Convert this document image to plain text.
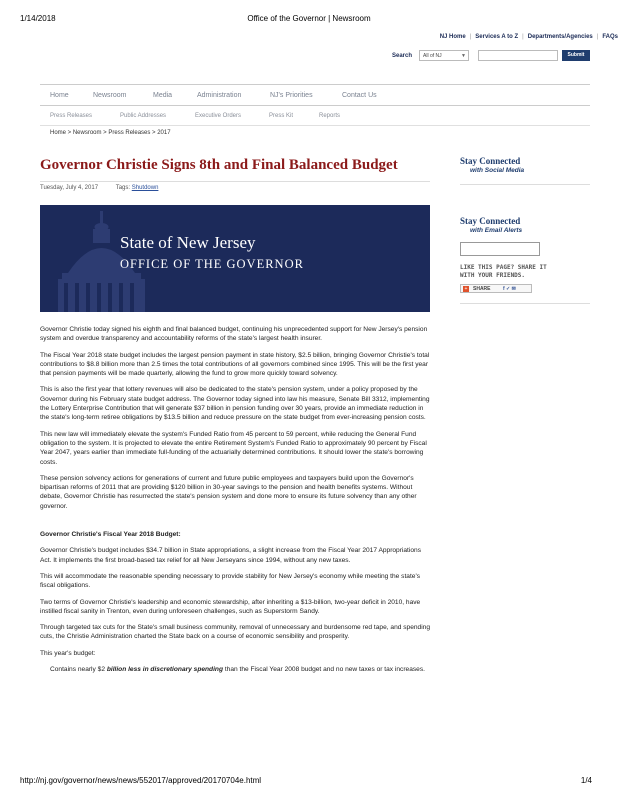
1/14/2018	Office of the Governor | Newsroom
NJ Home | Services A to Z | Departments/Agencies | FAQs
Search	All of NJ	▼	Submit
Home	Newsroom	Media	Administration	NJ's Priorities	Contact Us
Press Releases	Public Addresses	Executive Orders	Press Kit	Reports
Home > Newsroom > Press Releases > 2017
Governor Christie Signs 8th and Final Balanced Budget
Tuesday, July 4, 2017	Tags: Shutdown
State of New Jersey
OFFICE OF THE GOVERNOR

Governor Christie today signed his eighth and final balanced budget, continuing his unprecedented support for New Jersey's pension system and overdue transparency and accountability reforms of the state's largest health insurer.

The Fiscal Year 2018 state budget includes the largest pension payment in state history, $2.5 billion, bringing Governor Christie's total contributions to $8.8 billion more than 2.5 times the total contributions of all governors combined since 1995. This will be the first year that pension payments will be made quarterly, allowing the fund to grow more quickly toward solvency.

This is also the first year that lottery revenues will also be dedicated to the state's pension system, under a policy proposed by the Governor during his February state budget address. The Governor today signed into law his measure, Senate Bill 3312, implementing the Lottery Enterprise Contribution that will generate $37 billion in pension funding over 30 years, provide an immediate reduction in the state's long-term retiree obligations by $13.5 billion and reduce pressure on the state budget from ever-increasing pension costs.

This new law will immediately elevate the system's Funded Ratio from 45 percent to 59 percent, while reducing the General Fund obligation to the system. It is projected to elevate the entire Retirement System's Funded Ratio to approximately 90 percent by Fiscal Year 2047, years earlier than immediate full-funding of the actuarially determined contributions. It should lower the state's borrowing costs.

These pension solvency actions for generations of current and future public employees and taxpayers build upon the Governor's bipartisan reforms of 2011 that are providing $120 billion in 30-year savings to the pension and health benefits systems. Without debate, Governor Christie has resurrected the state's pension system and done more to ensure its future solvency than any other governor.

Governor Christie's Fiscal Year 2018 Budget:

Governor Christie's budget includes $34.7 billion in State appropriations, a slight increase from the Fiscal Year 2017 Appropriations Act. It implements the first broad-based tax relief for all New Jerseyans since 1994, without any new taxes.

This will accommodate the reasonable spending necessary to provide stability for New Jersey's economy while meeting the state's fiscal obligations.

Two terms of Governor Christie's leadership and economic stewardship, after inheriting a $13-billion, two-year deficit in 2010, have instilled fiscal sanity in Trenton, even during unforeseen challenges, such as Superstorm Sandy.

Through targeted tax cuts for the State's small business community, removal of unnecessary and burdensome red tape, and spending cuts, the Christie Administration charted the State back on a course of economic sensibility and prosperity.

This year's budget:

Contains nearly $2 billion less in discretionary spending than the Fiscal Year 2008 budget and no new taxes or tax increases.

Stay Connected
with Social Media
Stay Connected
with Email Alerts
LIKE THIS PAGE? SHARE IT
WITH YOUR FRIENDS.
+	SHARE f ✓ ✉
http://nj.gov/governor/news/news/552017/approved/20170704e.html	1/4
